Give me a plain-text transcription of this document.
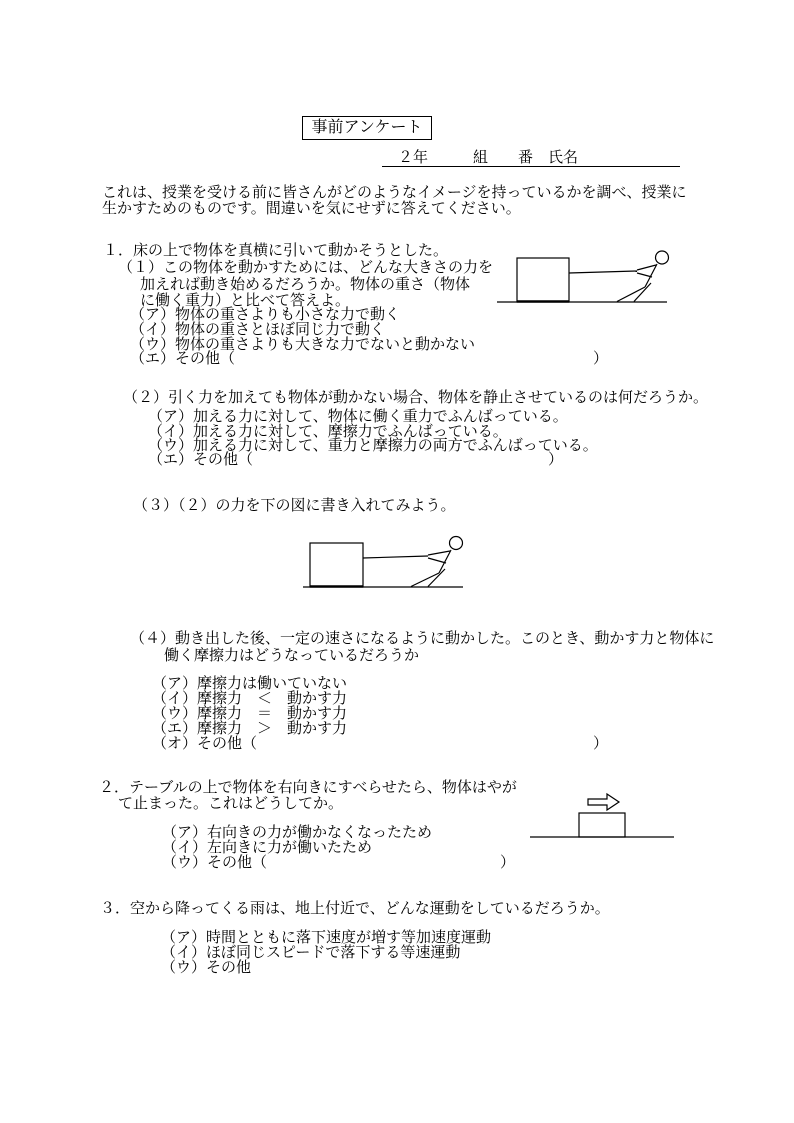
事前アンケート
２年　　　組　　番　氏名
これは、授業を受ける前に皆さんがどのようなイメージを持っているかを調べ、授業に
生かすためのものです。間違いを気にせずに答えてください。
１．床の上で物体を真横に引いて動かそうとした。
（１）この物体を動かすためには、どんな大きさの力を
加えれば動き始めるだろうか。物体の重さ（物体
に働く重力）と比べて答えよ。
（ア）物体の重さよりも小さな力で動く
（イ）物体の重さとほぼ同じ力で動く
（ウ）物体の重さよりも大きな力でないと動かない
（エ）その他（	）
（２）引く力を加えても物体が動かない場合、物体を静止させているのは何だろうか。
（ア）加える力に対して、物体に働く重力でふんばっている。
（イ）加える力に対して、摩擦力でふんばっている。
（ウ）加える力に対して、重力と摩擦力の両方でふんばっている。
（エ）その他（	）
（３）（２）の力を下の図に書き入れてみよう。
（４）動き出した後、一定の速さになるように動かした。このとき、動かす力と物体に
働く摩擦力はどうなっているだろうか
（ア）摩擦力は働いていない
（イ）摩擦力　＜　動かす力
（ウ）摩擦力　＝　動かす力
（エ）摩擦力　＞　動かす力
（オ）その他（	）
２．テーブルの上で物体を右向きにすべらせたら、物体はやが
て止まった。これはどうしてか。
（ア）右向きの力が働かなくなったため
（イ）左向きに力が働いたため
（ウ）その他（	）
３．空から降ってくる雨は、地上付近で、どんな運動をしているだろうか。
（ア）時間とともに落下速度が増す等加速度運動
（イ）ほぼ同じスピードで落下する等速運動
（ウ）その他
